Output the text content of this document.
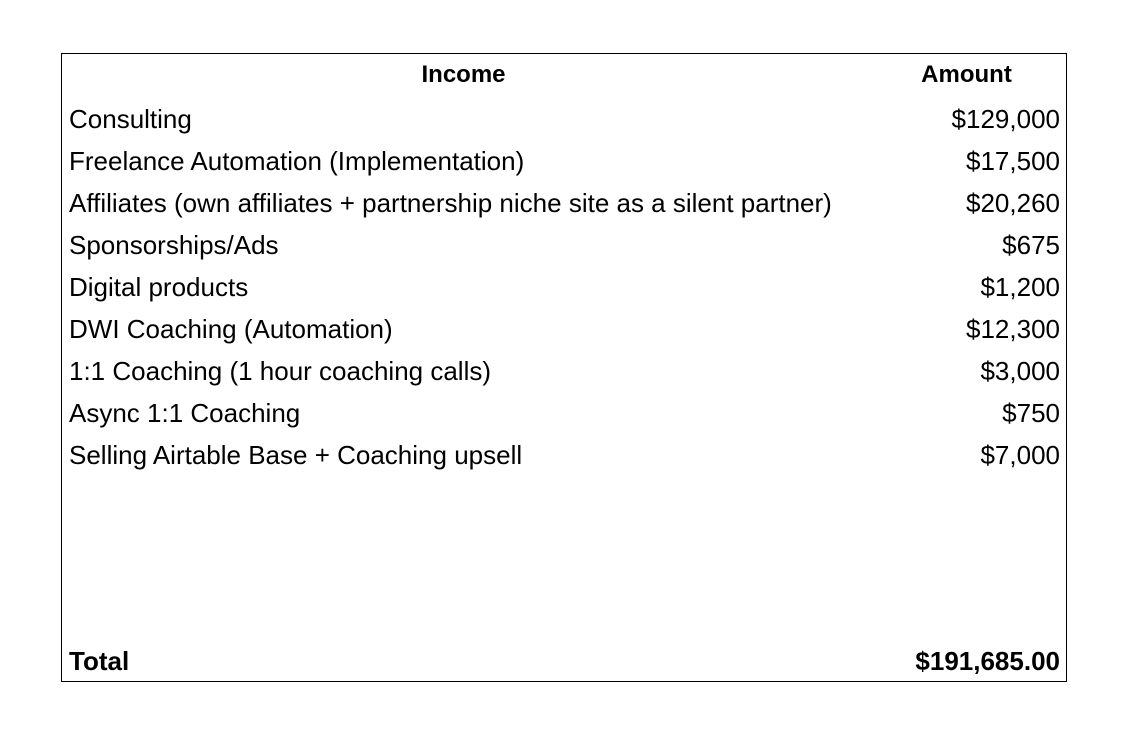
Income	Amount
Consulting	$129,000
Freelance Automation (Implementation)	$17,500
Affiliates (own affiliates + partnership niche site as a silent partner)	$20,260
Sponsorships/Ads	$675
Digital products	$1,200
DWI Coaching (Automation)	$12,300
1:1 Coaching (1 hour coaching calls)	$3,000
Async 1:1 Coaching	$750
Selling Airtable Base + Coaching upsell	$7,000
Total	$191,685.00
